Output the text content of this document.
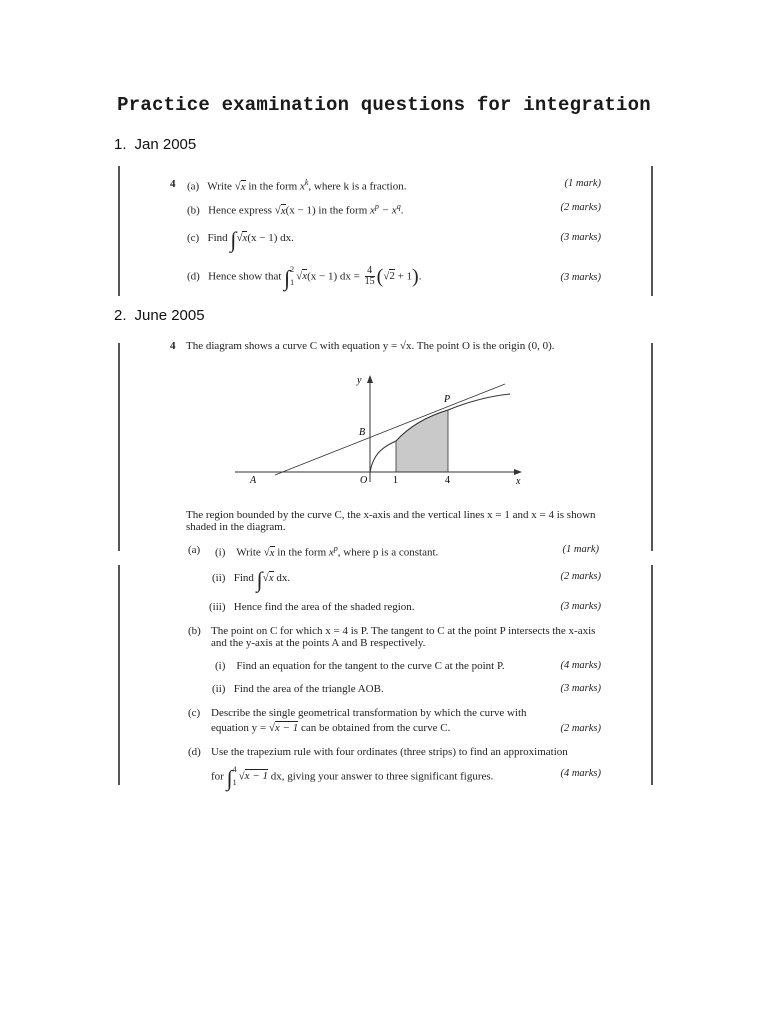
Practice examination questions for integration
1. Jan 2005
4 (a) Write √x in the form $x^k$, where k is a fraction.	(1 mark)
(b) Hence express √x(x − 1) in the form $x^p - x^q$.	(2 marks)
(c) Find ∫√x(x − 1) dx.	(3 marks)
(d) Hence show that ∫ 2
1 √x(x − 1) dx = $\frac{4}{15} (√2 + 1)$.	(3 marks)
2. June 2005
4 The diagram shows a curve C with equation y = √x. The point O is the origin (0, 0).
y
x
P
B
A	O	1	4
The region bounded by the curve C, the x-axis and the vertical lines x = 1 and x = 4 is shown
shaded in the diagram.
(a) (i) Write √x in the form $x^p$, where p is a constant.	(1 mark)
(ii) Find ∫√x dx.	(2 marks)
(iii) Hence find the area of the shaded region.	(3 marks)
(b) The point on C for which x = 4 is P. The tangent to C at the point P intersects the x-axis
and the y-axis at the points A and B respectively.
(i) Find an equation for the tangent to the curve C at the point P.	(4 marks)
(ii) Find the area of the triangle AOB.	(3 marks)
(c) Describe the single geometrical transformation by which the curve with
equation y = √x − 1 can be obtained from the curve C.	(2 marks)
(d) Use the trapezium rule with four ordinates (three strips) to find an approximation
for ∫ 4
1 √x − 1 dx, giving your answer to three significant figures.	(4 marks)
